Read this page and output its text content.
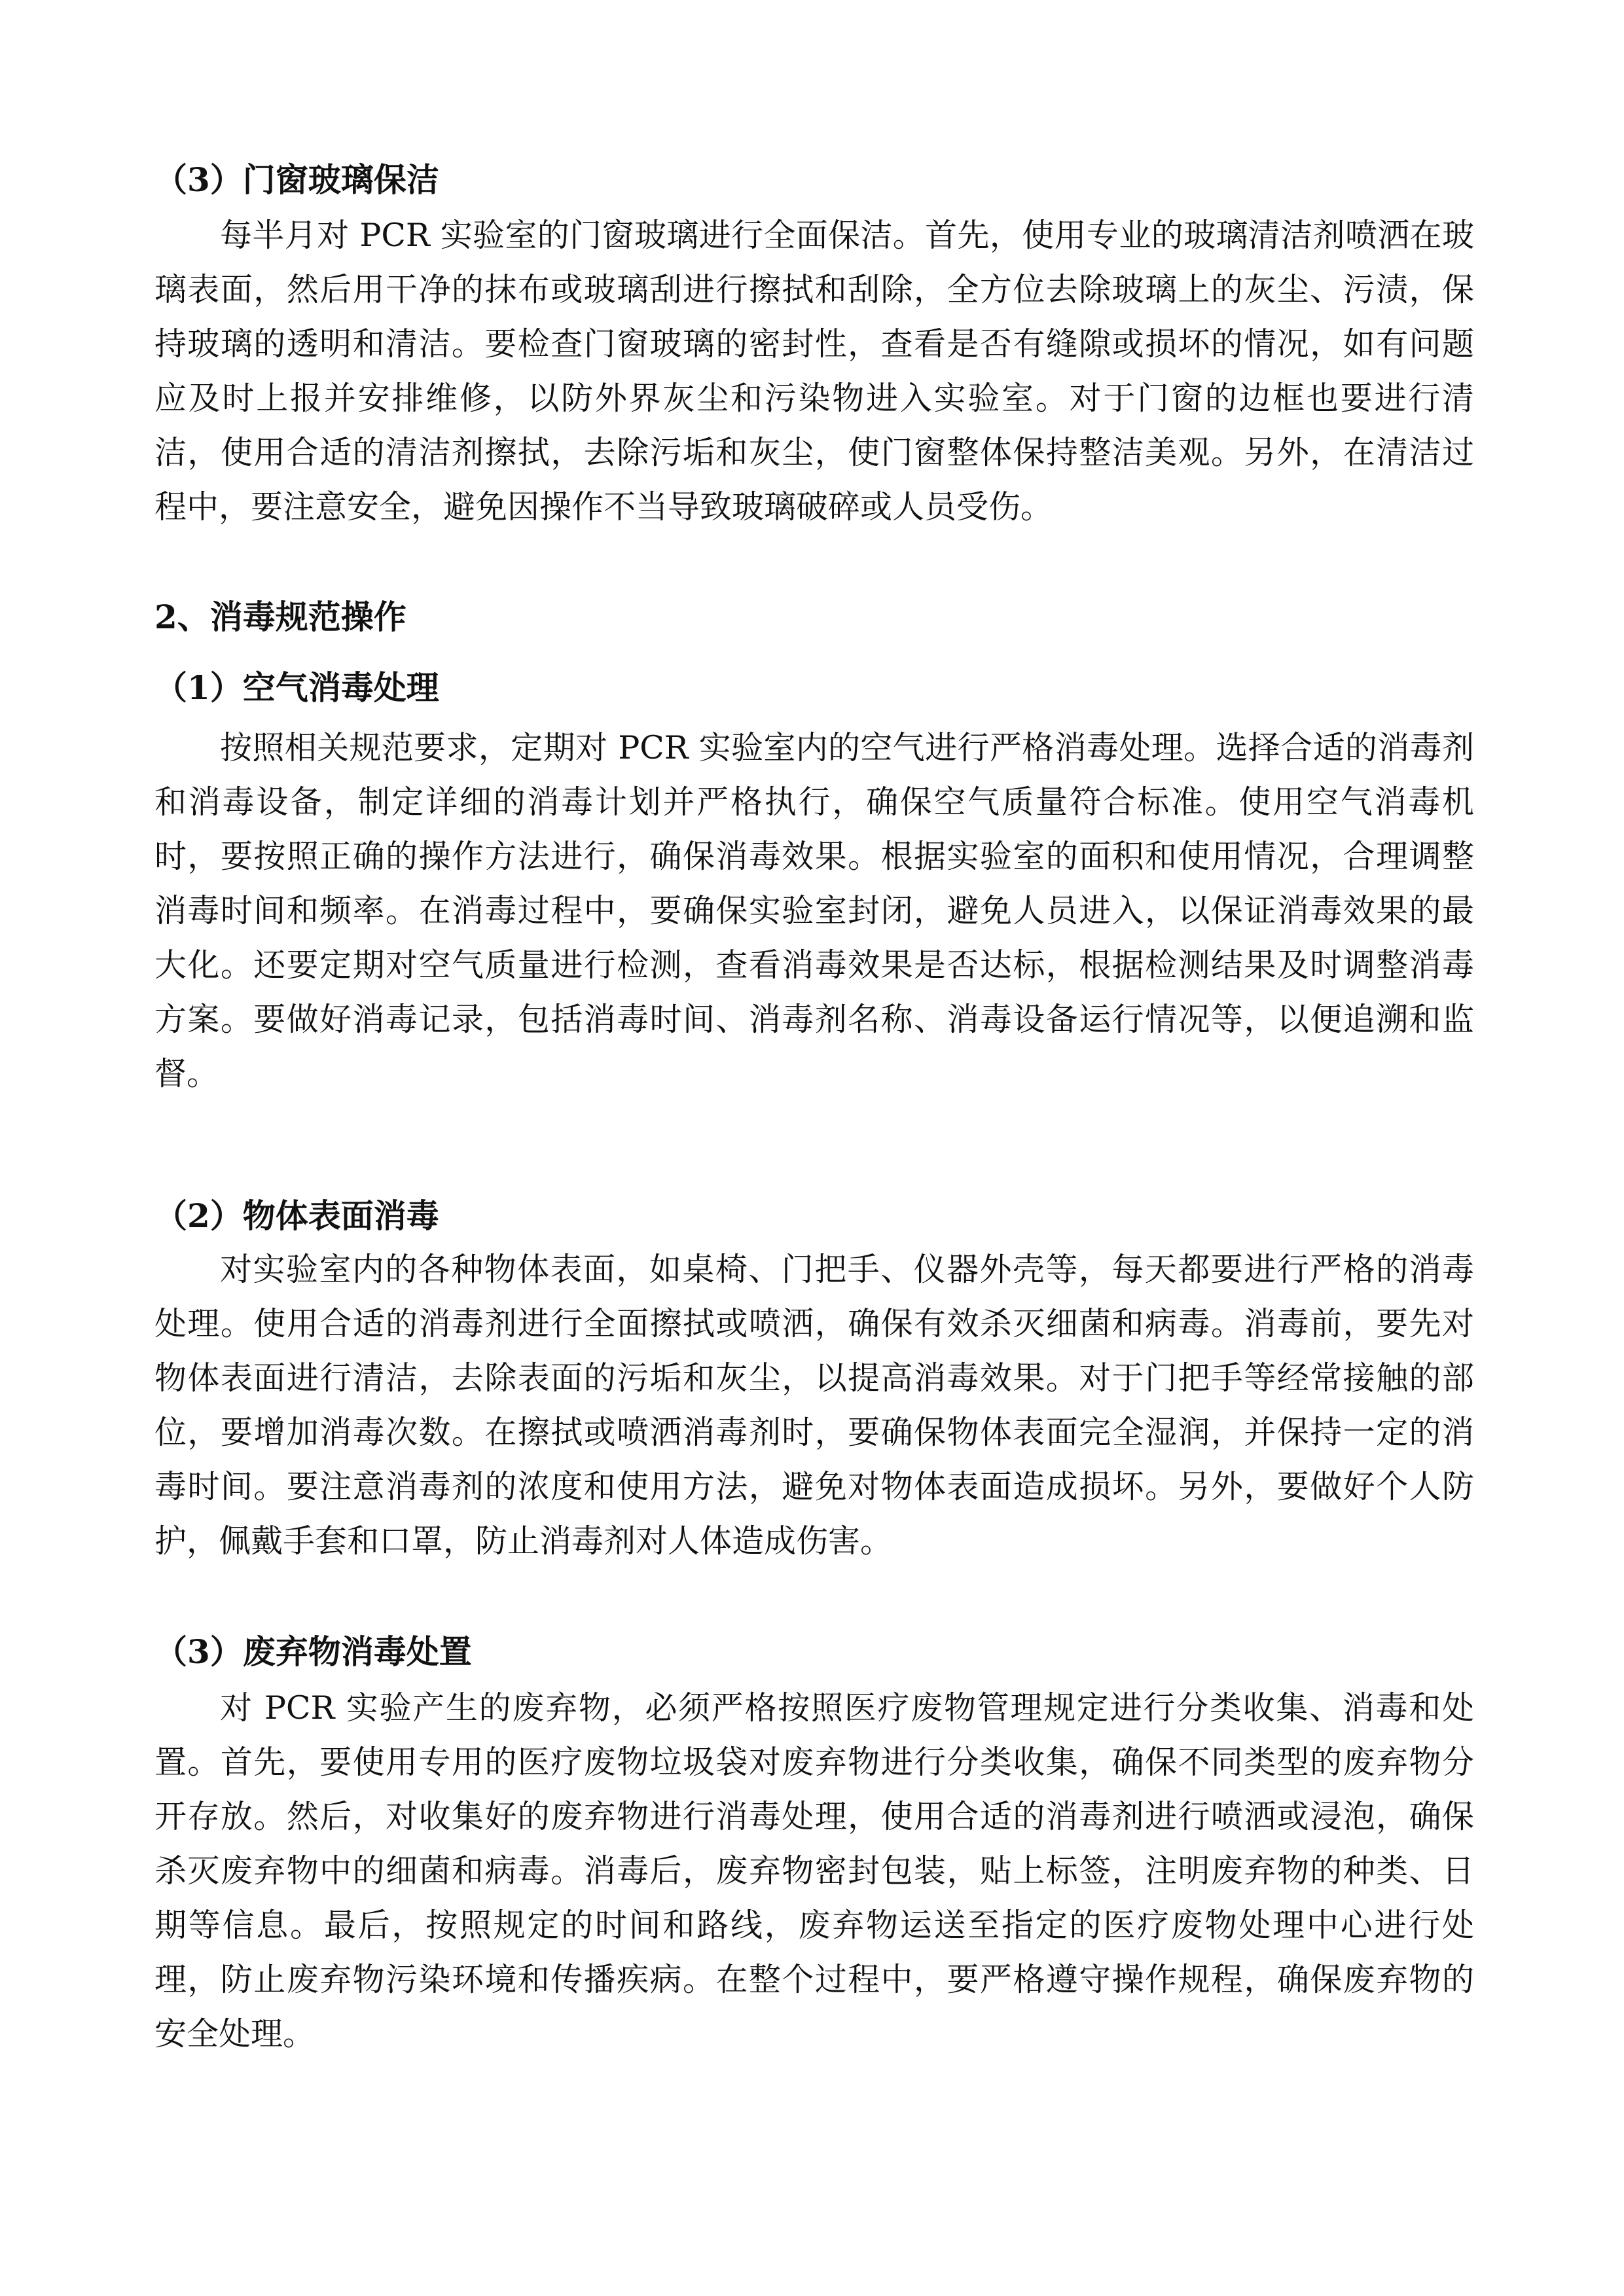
（3）门窗玻璃保洁
每半月对 PCR 实验室的门窗玻璃进行全面保洁。首先，使用专业的玻璃清洁剂喷洒在玻
璃表面，然后用干净的抹布或玻璃刮进行擦拭和刮除，全方位去除玻璃上的灰尘、污渍，保
持玻璃的透明和清洁。要检查门窗玻璃的密封性，查看是否有缝隙或损坏的情况，如有问题
应及时上报并安排维修，以防外界灰尘和污染物进入实验室。对于门窗的边框也要进行清
洁，使用合适的清洁剂擦拭，去除污垢和灰尘，使门窗整体保持整洁美观。另外，在清洁过
程中，要注意安全，避免因操作不当导致玻璃破碎或人员受伤。
2、消毒规范操作
（1）空气消毒处理
按照相关规范要求，定期对 PCR 实验室内的空气进行严格消毒处理。选择合适的消毒剂
和消毒设备，制定详细的消毒计划并严格执行，确保空气质量符合标准。使用空气消毒机
时，要按照正确的操作方法进行，确保消毒效果。根据实验室的面积和使用情况，合理调整
消毒时间和频率。在消毒过程中，要确保实验室封闭，避免人员进入，以保证消毒效果的最
大化。还要定期对空气质量进行检测，查看消毒效果是否达标，根据检测结果及时调整消毒
方案。要做好消毒记录，包括消毒时间、消毒剂名称、消毒设备运行情况等，以便追溯和监
督。
（2）物体表面消毒
对实验室内的各种物体表面，如桌椅、门把手、仪器外壳等，每天都要进行严格的消毒
处理。使用合适的消毒剂进行全面擦拭或喷洒，确保有效杀灭细菌和病毒。消毒前，要先对
物体表面进行清洁，去除表面的污垢和灰尘，以提高消毒效果。对于门把手等经常接触的部
位，要增加消毒次数。在擦拭或喷洒消毒剂时，要确保物体表面完全湿润，并保持一定的消
毒时间。要注意消毒剂的浓度和使用方法，避免对物体表面造成损坏。另外，要做好个人防
护，佩戴手套和口罩，防止消毒剂对人体造成伤害。
（3）废弃物消毒处置
对 PCR 实验产生的废弃物，必须严格按照医疗废物管理规定进行分类收集、消毒和处
置。首先，要使用专用的医疗废物垃圾袋对废弃物进行分类收集，确保不同类型的废弃物分
开存放。然后，对收集好的废弃物进行消毒处理，使用合适的消毒剂进行喷洒或浸泡，确保
杀灭废弃物中的细菌和病毒。消毒后，废弃物密封包装，贴上标签，注明废弃物的种类、日
期等信息。最后，按照规定的时间和路线，废弃物运送至指定的医疗废物处理中心进行处
理，防止废弃物污染环境和传播疾病。在整个过程中，要严格遵守操作规程，确保废弃物的
安全处理。
